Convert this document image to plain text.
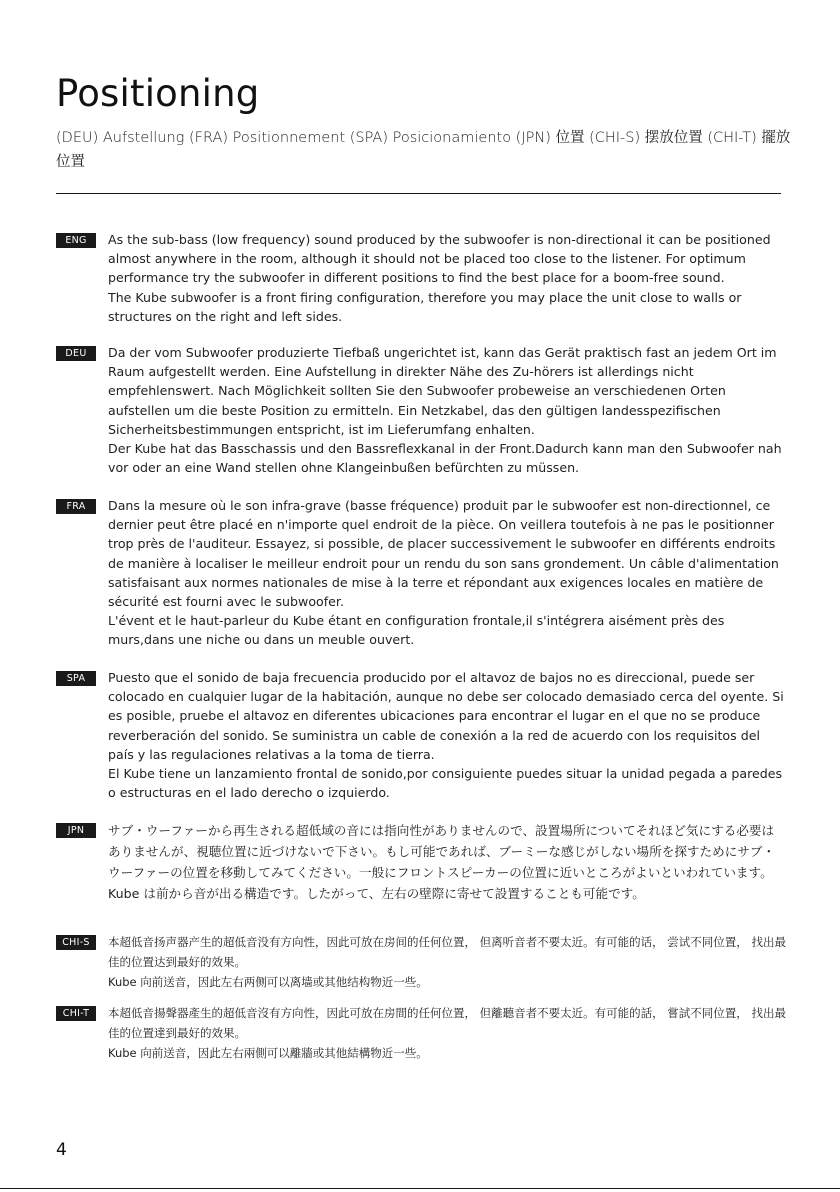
Positioning
(DEU) Aufstellung (FRA) Positionnement (SPA) Posicionamiento (JPN) 位置 (CHI-S) 摆放位置 (CHI-T) 擺放位置
ENG	As the sub-bass (low frequency) sound produced by the subwoofer is non-directional it can be positioned almost anywhere in the room, although it should not be placed too close to the listener. For optimum performance try the subwoofer in different positions to find the best place for a boom-free sound.

The Kube subwoofer is a front firing configuration, therefore you may place the unit close to walls or structures on the right and left sides.

DEU	Da der vom Subwoofer produzierte Tiefbaß ungerichtet ist, kann das Gerät praktisch fast an jedem Ort im Raum aufgestellt werden. Eine Aufstellung in direkter Nähe des Zu-hörers ist allerdings nicht empfehlenswert. Nach Möglichkeit sollten Sie den Subwoofer probeweise an verschiedenen Orten aufstellen um die beste Position zu ermitteln. Ein Netzkabel, das den gültigen landesspezifischen Sicherheitsbestimmungen entspricht, ist im Lieferumfang enhalten.

Der Kube hat das Basschassis und den Bassreflexkanal in der Front.Dadurch kann man den Subwoofer nah vor oder an eine Wand stellen ohne Klangeinbußen befürchten zu müssen.

FRA	Dans la mesure où le son infra-grave (basse fréquence) produit par le subwoofer est non-directionnel, ce dernier peut être placé en n'importe quel endroit de la pièce. On veillera toutefois à ne pas le positionner trop près de l'auditeur. Essayez, si possible, de placer successivement le subwoofer en différents endroits de manière à localiser le meilleur endroit pour un rendu du son sans grondement. Un câble d'alimentation satisfaisant aux normes nationales de mise à la terre et répondant aux exigences locales en matière de sécurité est fourni avec le subwoofer.

L'évent et le haut-parleur du Kube étant en configuration frontale,il s'intégrera aisément près des murs,dans une niche ou dans un meuble ouvert.

SPA	Puesto que el sonido de baja frecuencia producido por el altavoz de bajos no es direccional, puede ser colocado en cualquier lugar de la habitación, aunque no debe ser colocado demasiado cerca del oyente. Si es posible, pruebe el altavoz en diferentes ubicaciones para encontrar el lugar en el que no se produce reverberación del sonido. Se suministra un cable de conexión a la red de acuerdo con los requisitos del país y las regulaciones relativas a la toma de tierra.

El Kube tiene un lanzamiento frontal de sonido,por consiguiente puedes situar la unidad pegada a paredes o estructuras en el lado derecho o izquierdo.

JPN	サブ・ウーファーから再生される超低域の音には指向性がありませんので、設置場所についてそれほど気にする必要はありませんが、視聴位置に近づけないで下さい。もし可能であれば、ブーミーな感じがしない場所を探すためにサブ・ウーファーの位置を移動してみてください。一般にフロントスピーカーの位置に近いところがよいといわれています。

Kube は前から音が出る構造です。したがって、左右の壁際に寄せて設置することも可能です。

CHI-S	本超低音扬声器产生的超低音没有方向性，因此可放在房间的任何位置， 但离听音者不要太近。有可能的话， 尝试不同位置， 找出最佳的位置达到最好的效果。

Kube 向前送音，因此左右两侧可以离墙或其他结构物近一些。

CHI-T	本超低音揚聲器產生的超低音沒有方向性，因此可放在房間的任何位置， 但離聽音者不要太近。有可能的話， 嘗試不同位置， 找出最佳的位置達到最好的效果。

Kube 向前送音，因此左右兩側可以離牆或其他結構物近一些。

4
